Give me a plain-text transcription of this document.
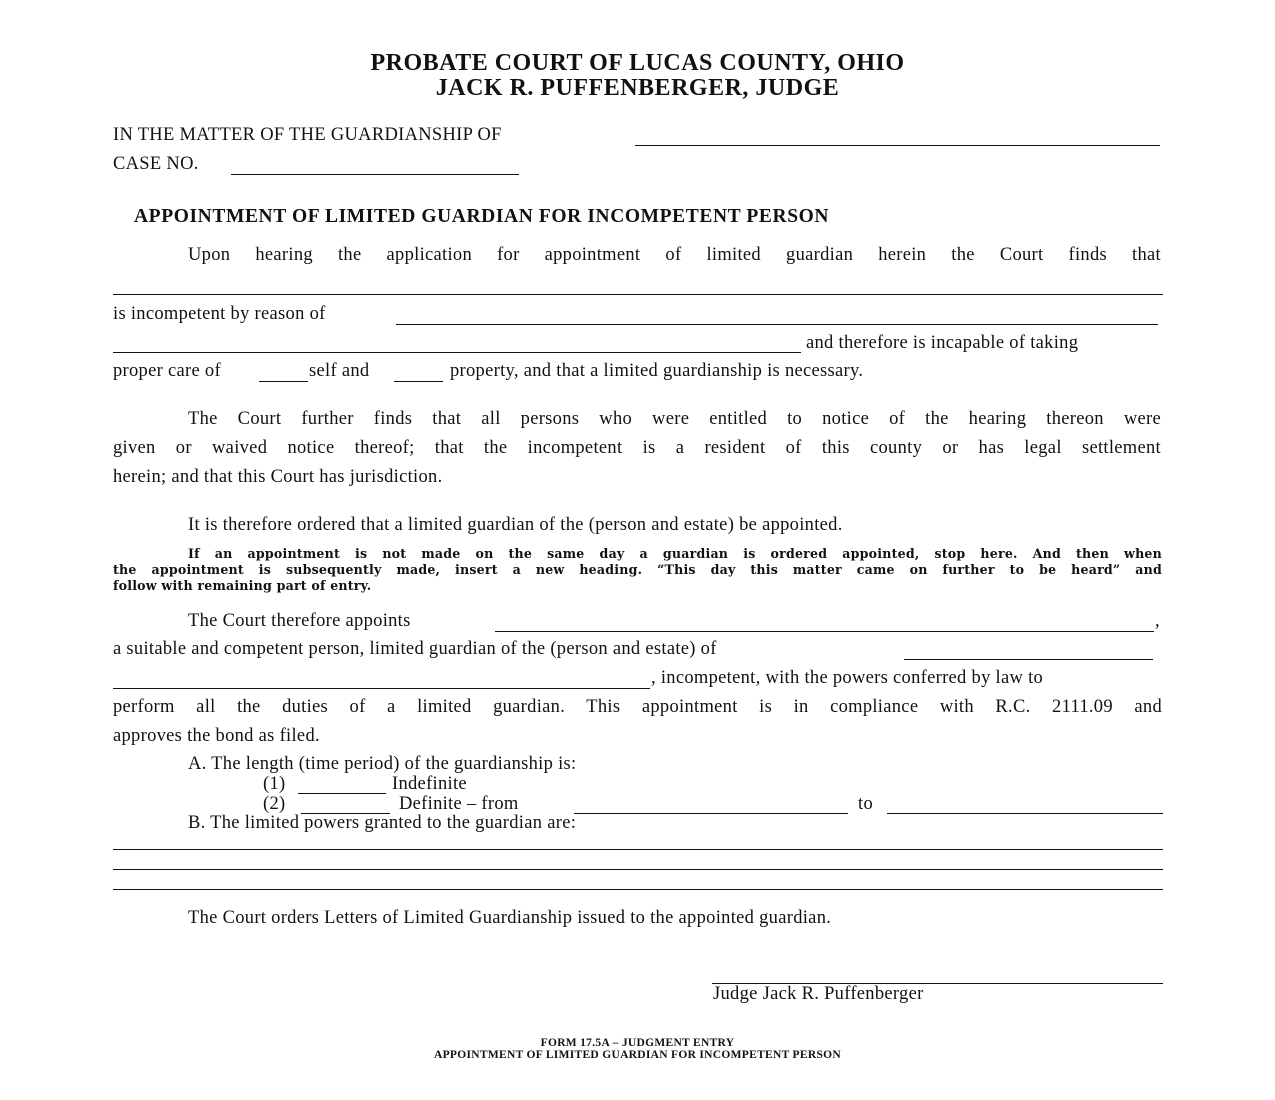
PROBATE COURT OF LUCAS COUNTY, OHIO
JACK R. PUFFENBERGER, JUDGE
IN THE MATTER OF THE GUARDIANSHIP OF
CASE NO.
APPOINTMENT OF LIMITED GUARDIAN FOR INCOMPETENT PERSON
Upon hearing the application for appointment of limited guardian herein the Court finds that
is incompetent by reason of
and therefore is incapable of taking
proper care of	self and	property, and that a limited guardianship is necessary.
The Court further finds that all persons who were entitled to notice of the hearing thereon were
given or waived notice thereof; that the incompetent is a resident of this county or has legal settlement
herein; and that this Court has jurisdiction.
It is therefore ordered that a limited guardian of the (person and estate) be appointed.
If an appointment is not made on the same day a guardian is ordered appointed, stop here. And then when
the appointment is subsequently made, insert a new heading. “This day this matter came on further to be heard” and
follow with remaining part of entry.
The Court therefore appoints	,
a suitable and competent person, limited guardian of the (person and estate) of
, incompetent, with the powers conferred by law to
perform all the duties of a limited guardian. This appointment is in compliance with R.C. 2111.09 and
approves the bond as filed.
A. The length (time period) of the guardianship is:
(1)	Indefinite
(2)	Definite – from	to
B. The limited powers granted to the guardian are:
The Court orders Letters of Limited Guardianship issued to the appointed guardian.
Judge Jack R. Puffenberger
FORM 17.5A – JUDGMENT ENTRY
APPOINTMENT OF LIMITED GUARDIAN FOR INCOMPETENT PERSON
